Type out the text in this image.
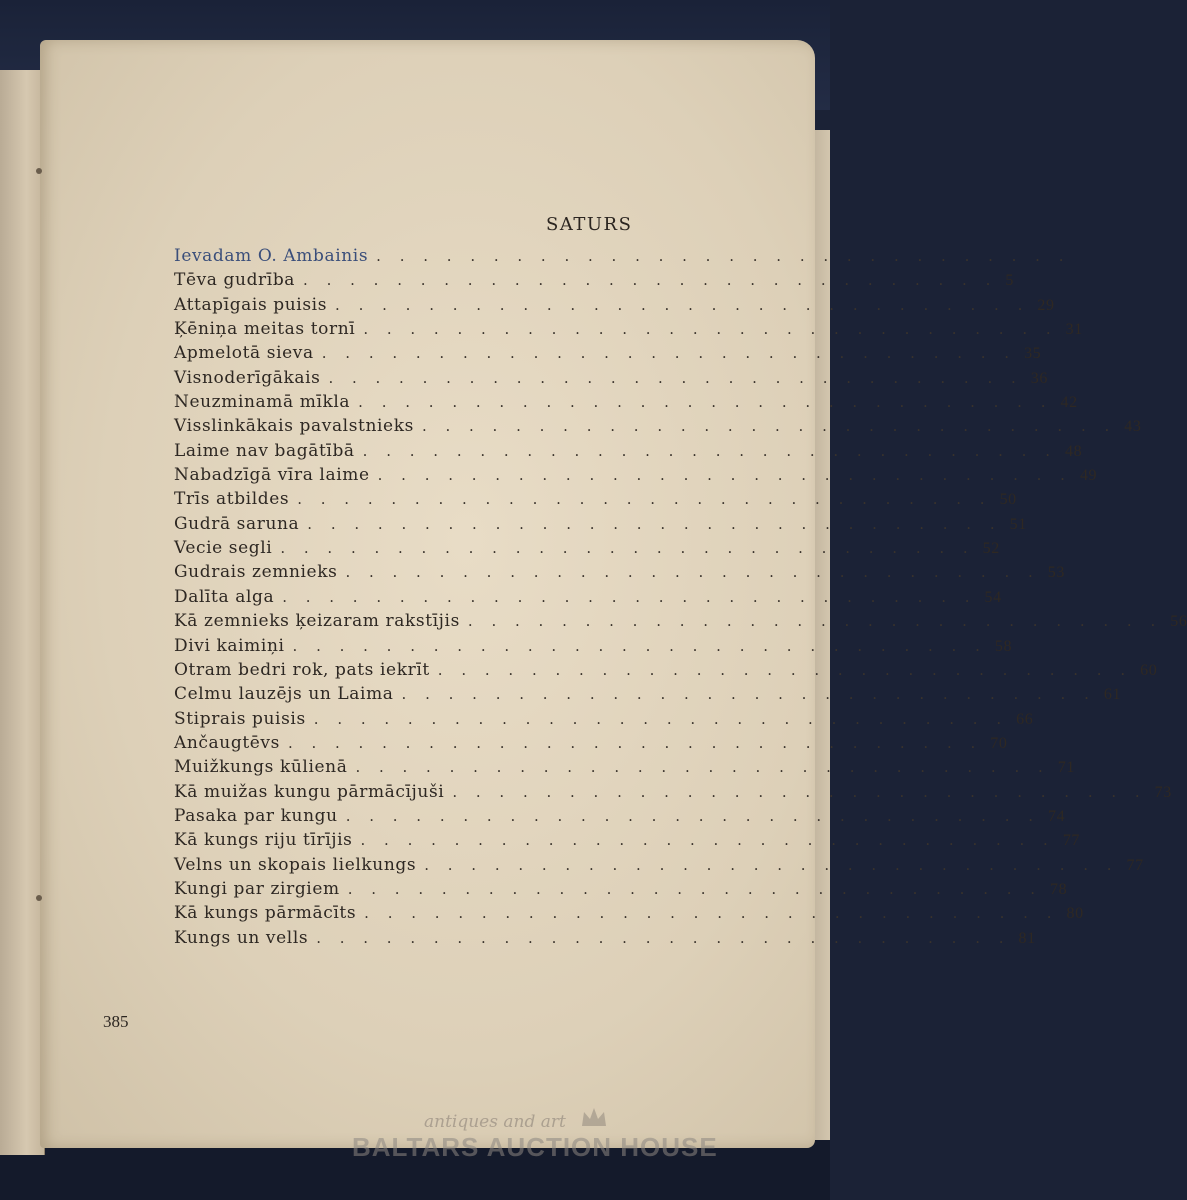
SATURS
Ievadam O. Ambainis . . . . . . . . . . . . . . . . . . . . . . . . . . . . . .
Tēva gudrība . . . . . . . . . . . . . . . . . . . . . . . . . . . . . . 5
Attapīgais puisis . . . . . . . . . . . . . . . . . . . . . . . . . . . . . . 29
Ķēniņa meitas tornī . . . . . . . . . . . . . . . . . . . . . . . . . . . . . . 31
Apmelotā sieva . . . . . . . . . . . . . . . . . . . . . . . . . . . . . . 35
Visnoderīgākais . . . . . . . . . . . . . . . . . . . . . . . . . . . . . . 36
Neuzminamā mīkla . . . . . . . . . . . . . . . . . . . . . . . . . . . . . . 42
Visslinkākais pavalstnieks . . . . . . . . . . . . . . . . . . . . . . . . . . . . . . 43
Laime nav bagātībā . . . . . . . . . . . . . . . . . . . . . . . . . . . . . . 48
Nabadzīgā vīra laime . . . . . . . . . . . . . . . . . . . . . . . . . . . . . . 49
Trīs atbildes . . . . . . . . . . . . . . . . . . . . . . . . . . . . . . 50
Gudrā saruna . . . . . . . . . . . . . . . . . . . . . . . . . . . . . . 51
Vecie segli . . . . . . . . . . . . . . . . . . . . . . . . . . . . . . 52
Gudrais zemnieks . . . . . . . . . . . . . . . . . . . . . . . . . . . . . . 53
Dalīta alga . . . . . . . . . . . . . . . . . . . . . . . . . . . . . . 54
Kā zemnieks ķeizaram rakstījis . . . . . . . . . . . . . . . . . . . . . . . . . . . . . . 56
Divi kaimiņi . . . . . . . . . . . . . . . . . . . . . . . . . . . . . . 58
Otram bedri rok, pats iekrīt . . . . . . . . . . . . . . . . . . . . . . . . . . . . . . 60
Celmu lauzējs un Laima . . . . . . . . . . . . . . . . . . . . . . . . . . . . . . 61
Stiprais puisis . . . . . . . . . . . . . . . . . . . . . . . . . . . . . . 66
Ančaugtēvs . . . . . . . . . . . . . . . . . . . . . . . . . . . . . . 70
Muižkungs kūlienā . . . . . . . . . . . . . . . . . . . . . . . . . . . . . . 71
Kā muižas kungu pārmācījuši . . . . . . . . . . . . . . . . . . . . . . . . . . . . . . 73
Pasaka par kungu . . . . . . . . . . . . . . . . . . . . . . . . . . . . . . 74
Kā kungs riju tīrījis . . . . . . . . . . . . . . . . . . . . . . . . . . . . . . 77
Velns un skopais lielkungs . . . . . . . . . . . . . . . . . . . . . . . . . . . . . . 77
Kungi par zirgiem . . . . . . . . . . . . . . . . . . . . . . . . . . . . . . 78
Kā kungs pārmācīts . . . . . . . . . . . . . . . . . . . . . . . . . . . . . . 80
Kungs un vells . . . . . . . . . . . . . . . . . . . . . . . . . . . . . . 81
385
antiques and art
BALTARS AUCTION HOUSE
